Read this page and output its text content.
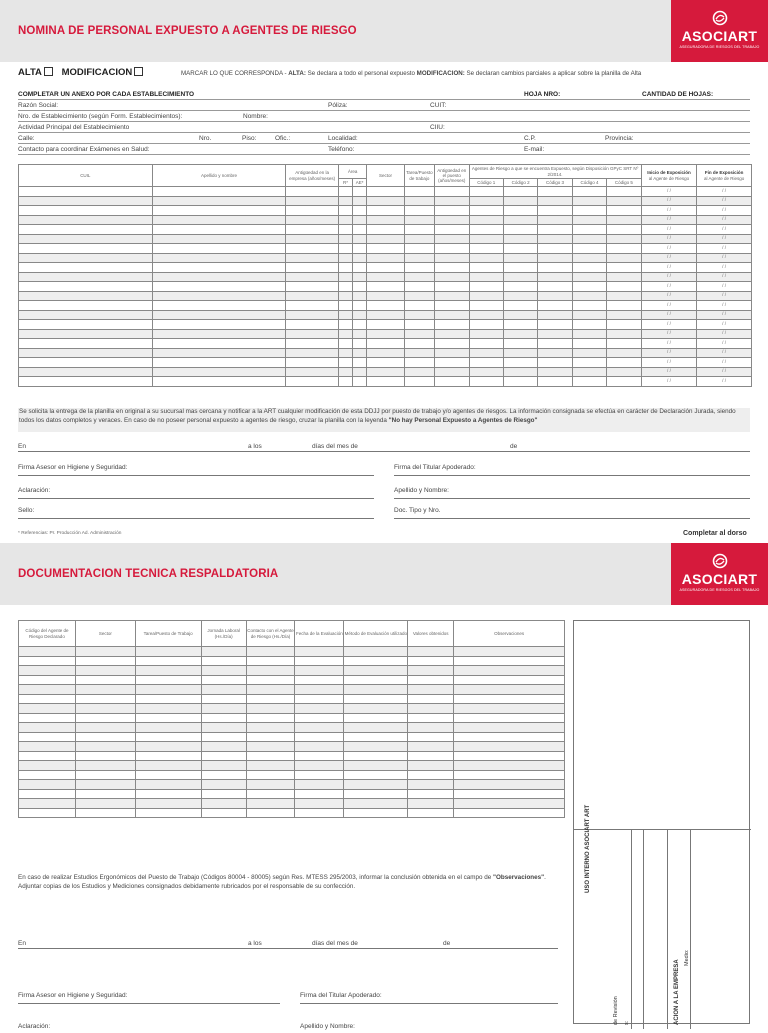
NOMINA DE PERSONAL EXPUESTO A AGENTES DE RIESGO	ASOCIART
ASEGURADORA DE RIESGOS DEL TRABAJO
ALTA MODIFICACION	MARCAR LO QUE CORRESPONDA - ALTA: Se declara a todo el personal expuesto MODIFICACION: Se declaran cambios parciales a aplicar sobre la planilla de Alta
COMPLETAR UN ANEXO POR CADA ESTABLECIMIENTO	HOJA NRO:	CANTIDAD DE HOJAS:
Razón Social:	Póliza:	CUIT:
Nro. de Establecimiento (según Form. Establecimientos):	Nombre:
Actividad Principal del Establecimiento	CIIU:
Calle:	Nro.	Piso:	Ofic.:	Localidad:	C.P.	Provincia:
Contacto para coordinar Exámenes en Salud:	Teléfono:	E-mail:
CUIL	Apellido y nombre	Antigüedad en la empresa (años/meses)	Área		Sector	Tarea/Puesto de trabajo	Antigüedad en el puesto (años/meses)	Agentes de Riesgo a que se encuentra Expuesto, según Disposición GPyC SRT Nº 2/2014.					Inicio de Exposición
al Agente de Riesgo	Fin de Exposición
al Agente de Riesgo
			R*	AE*				Código 1	Código 2	Código 3	Código 4	Código 5		
													/ /	/ /
													/ /	/ /
													/ /	/ /
													/ /	/ /
													/ /	/ /
													/ /	/ /
													/ /	/ /
													/ /	/ /
													/ /	/ /
													/ /	/ /
													/ /	/ /
													/ /	/ /
													/ /	/ /
													/ /	/ /
													/ /	/ /
													/ /	/ /
													/ /	/ /
													/ /	/ /
													/ /	/ /
													/ /	/ /
													/ /	/ /
Se solicita la entrega de la planilla en original a su sucursal mas cercana y notificar a la ART cualquier modificación de esta DDJJ por puesto de trabajo y/o agentes de riesgos. La información consignada se efectúa en carácter de Declaración Jurada, siendo todos los datos completos y veraces. En caso de no poseer personal expuesto a agentes de riesgo, cruzar la planilla con la leyenda "No hay Personal Expuesto a Agentes de Riesgo"
En	a los	días del mes de	de
Firma Asesor en Higiene y Seguridad:	Firma del Titular Apoderado:
Aclaración:	Apellido y Nombre:
Sello:	Doc. Tipo y Nro.
* Referencias: Pr. Producción Ad. Administración	Completar al dorso
DOCUMENTACION TECNICA RESPALDATORIA	ASOCIART
ASEGURADORA DE RIESGOS DEL TRABAJO
Código del Agente de Riesgo Declarado	Sector	Tarea/Puesto de Trabajo	Jornada Laboral (Hs./Día)	Contacto con el Agente de Riesgo (Hs./Día)	Fecha de la Evaluación	Método de Evaluación utilizado	Valores obtenidos	Observaciones

USO INTERNO ASOCIART ART
ACION A LA EMPRESA
Medio:
de Revisión s:
En caso de realizar Estudios Ergonómicos del Puesto de Trabajo (Códigos 80004 - 80005) según Res. MTESS 295/2003, informar la conclusión obtenida en el campo de "Observaciones". Adjuntar copias de los Estudios y Mediciones consignados debidamente rubricados por el responsable de su confección.
En	a los	días del mes de	de
Firma Asesor en Higiene y Seguridad:	Firma del Titular Apoderado:
Aclaración:	Apellido y Nombre:
